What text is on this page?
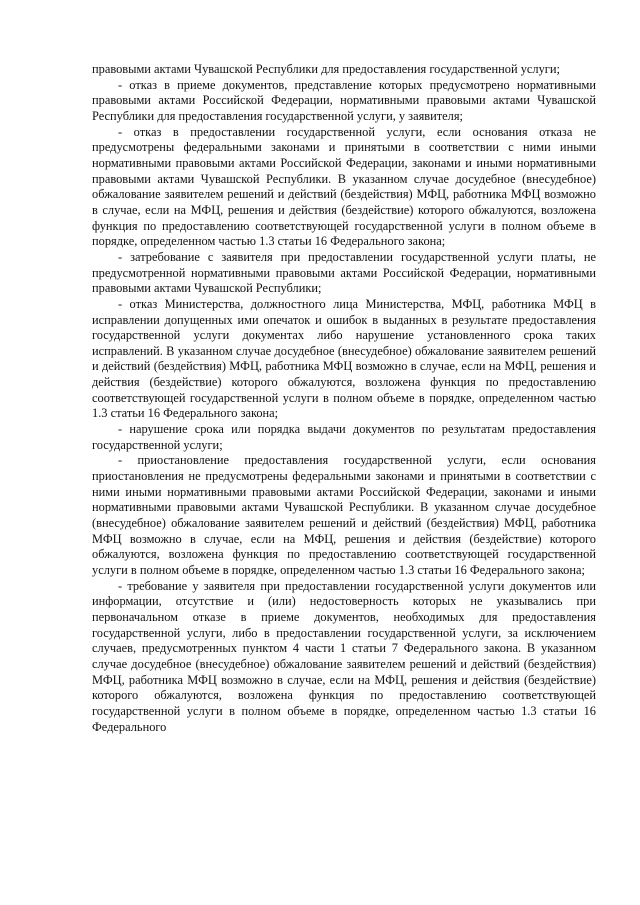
правовыми актами Чувашской Республики для предоставления государственной услуги;

- отказ в приеме документов, представление которых предусмотрено нормативными правовыми актами Российской Федерации, нормативными правовыми актами Чувашской Республики для предоставления государственной услуги, у заявителя;

- отказ в предоставлении государственной услуги, если основания отказа не предусмотрены федеральными законами и принятыми в соответствии с ними иными нормативными правовыми актами Российской Федерации, законами и иными нормативными правовыми актами Чувашской Республики. В указанном случае досудебное (внесудебное) обжалование заявителем решений и действий (бездействия) МФЦ, работника МФЦ возможно в случае, если на МФЦ, решения и действия (бездействие) которого обжалуются, возложена функция по предоставлению соответствующей государственной услуги в полном объеме в порядке, определенном частью 1.3 статьи 16 Федерального закона;

- затребование с заявителя при предоставлении государственной услуги платы, не предусмотренной нормативными правовыми актами Российской Федерации, нормативными правовыми актами Чувашской Республики;

- отказ Министерства, должностного лица Министерства, МФЦ, работника МФЦ в исправлении допущенных ими опечаток и ошибок в выданных в результате предоставления государственной услуги документах либо нарушение установленного срока таких исправлений. В указанном случае досудебное (внесудебное) обжалование заявителем решений и действий (бездействия) МФЦ, работника МФЦ возможно в случае, если на МФЦ, решения и действия (бездействие) которого обжалуются, возложена функция по предоставлению соответствующей государственной услуги в полном объеме в порядке, определенном частью 1.3 статьи 16 Федерального закона;

- нарушение срока или порядка выдачи документов по результатам предоставления государственной услуги;

- приостановление предоставления государственной услуги, если основания приостановления не предусмотрены федеральными законами и принятыми в соответствии с ними иными нормативными правовыми актами Российской Федерации, законами и иными нормативными правовыми актами Чувашской Республики. В указанном случае досудебное (внесудебное) обжалование заявителем решений и действий (бездействия) МФЦ, работника МФЦ возможно в случае, если на МФЦ, решения и действия (бездействие) которого обжалуются, возложена функция по предоставлению соответствующей государственной услуги в полном объеме в порядке, определенном частью 1.3 статьи 16 Федерального закона;

- требование у заявителя при предоставлении государственной услуги документов или информации, отсутствие и (или) недостоверность которых не указывались при первоначальном отказе в приеме документов, необходимых для предоставления государственной услуги, либо в предоставлении государственной услуги, за исключением случаев, предусмотренных пунктом 4 части 1 статьи 7 Федерального закона. В указанном случае досудебное (внесудебное) обжалование заявителем решений и действий (бездействия) МФЦ, работника МФЦ возможно в случае, если на МФЦ, решения и действия (бездействие) которого обжалуются, возложена функция по предоставлению соответствующей государственной услуги в полном объеме в порядке, определенном частью 1.3 статьи 16 Федерального
